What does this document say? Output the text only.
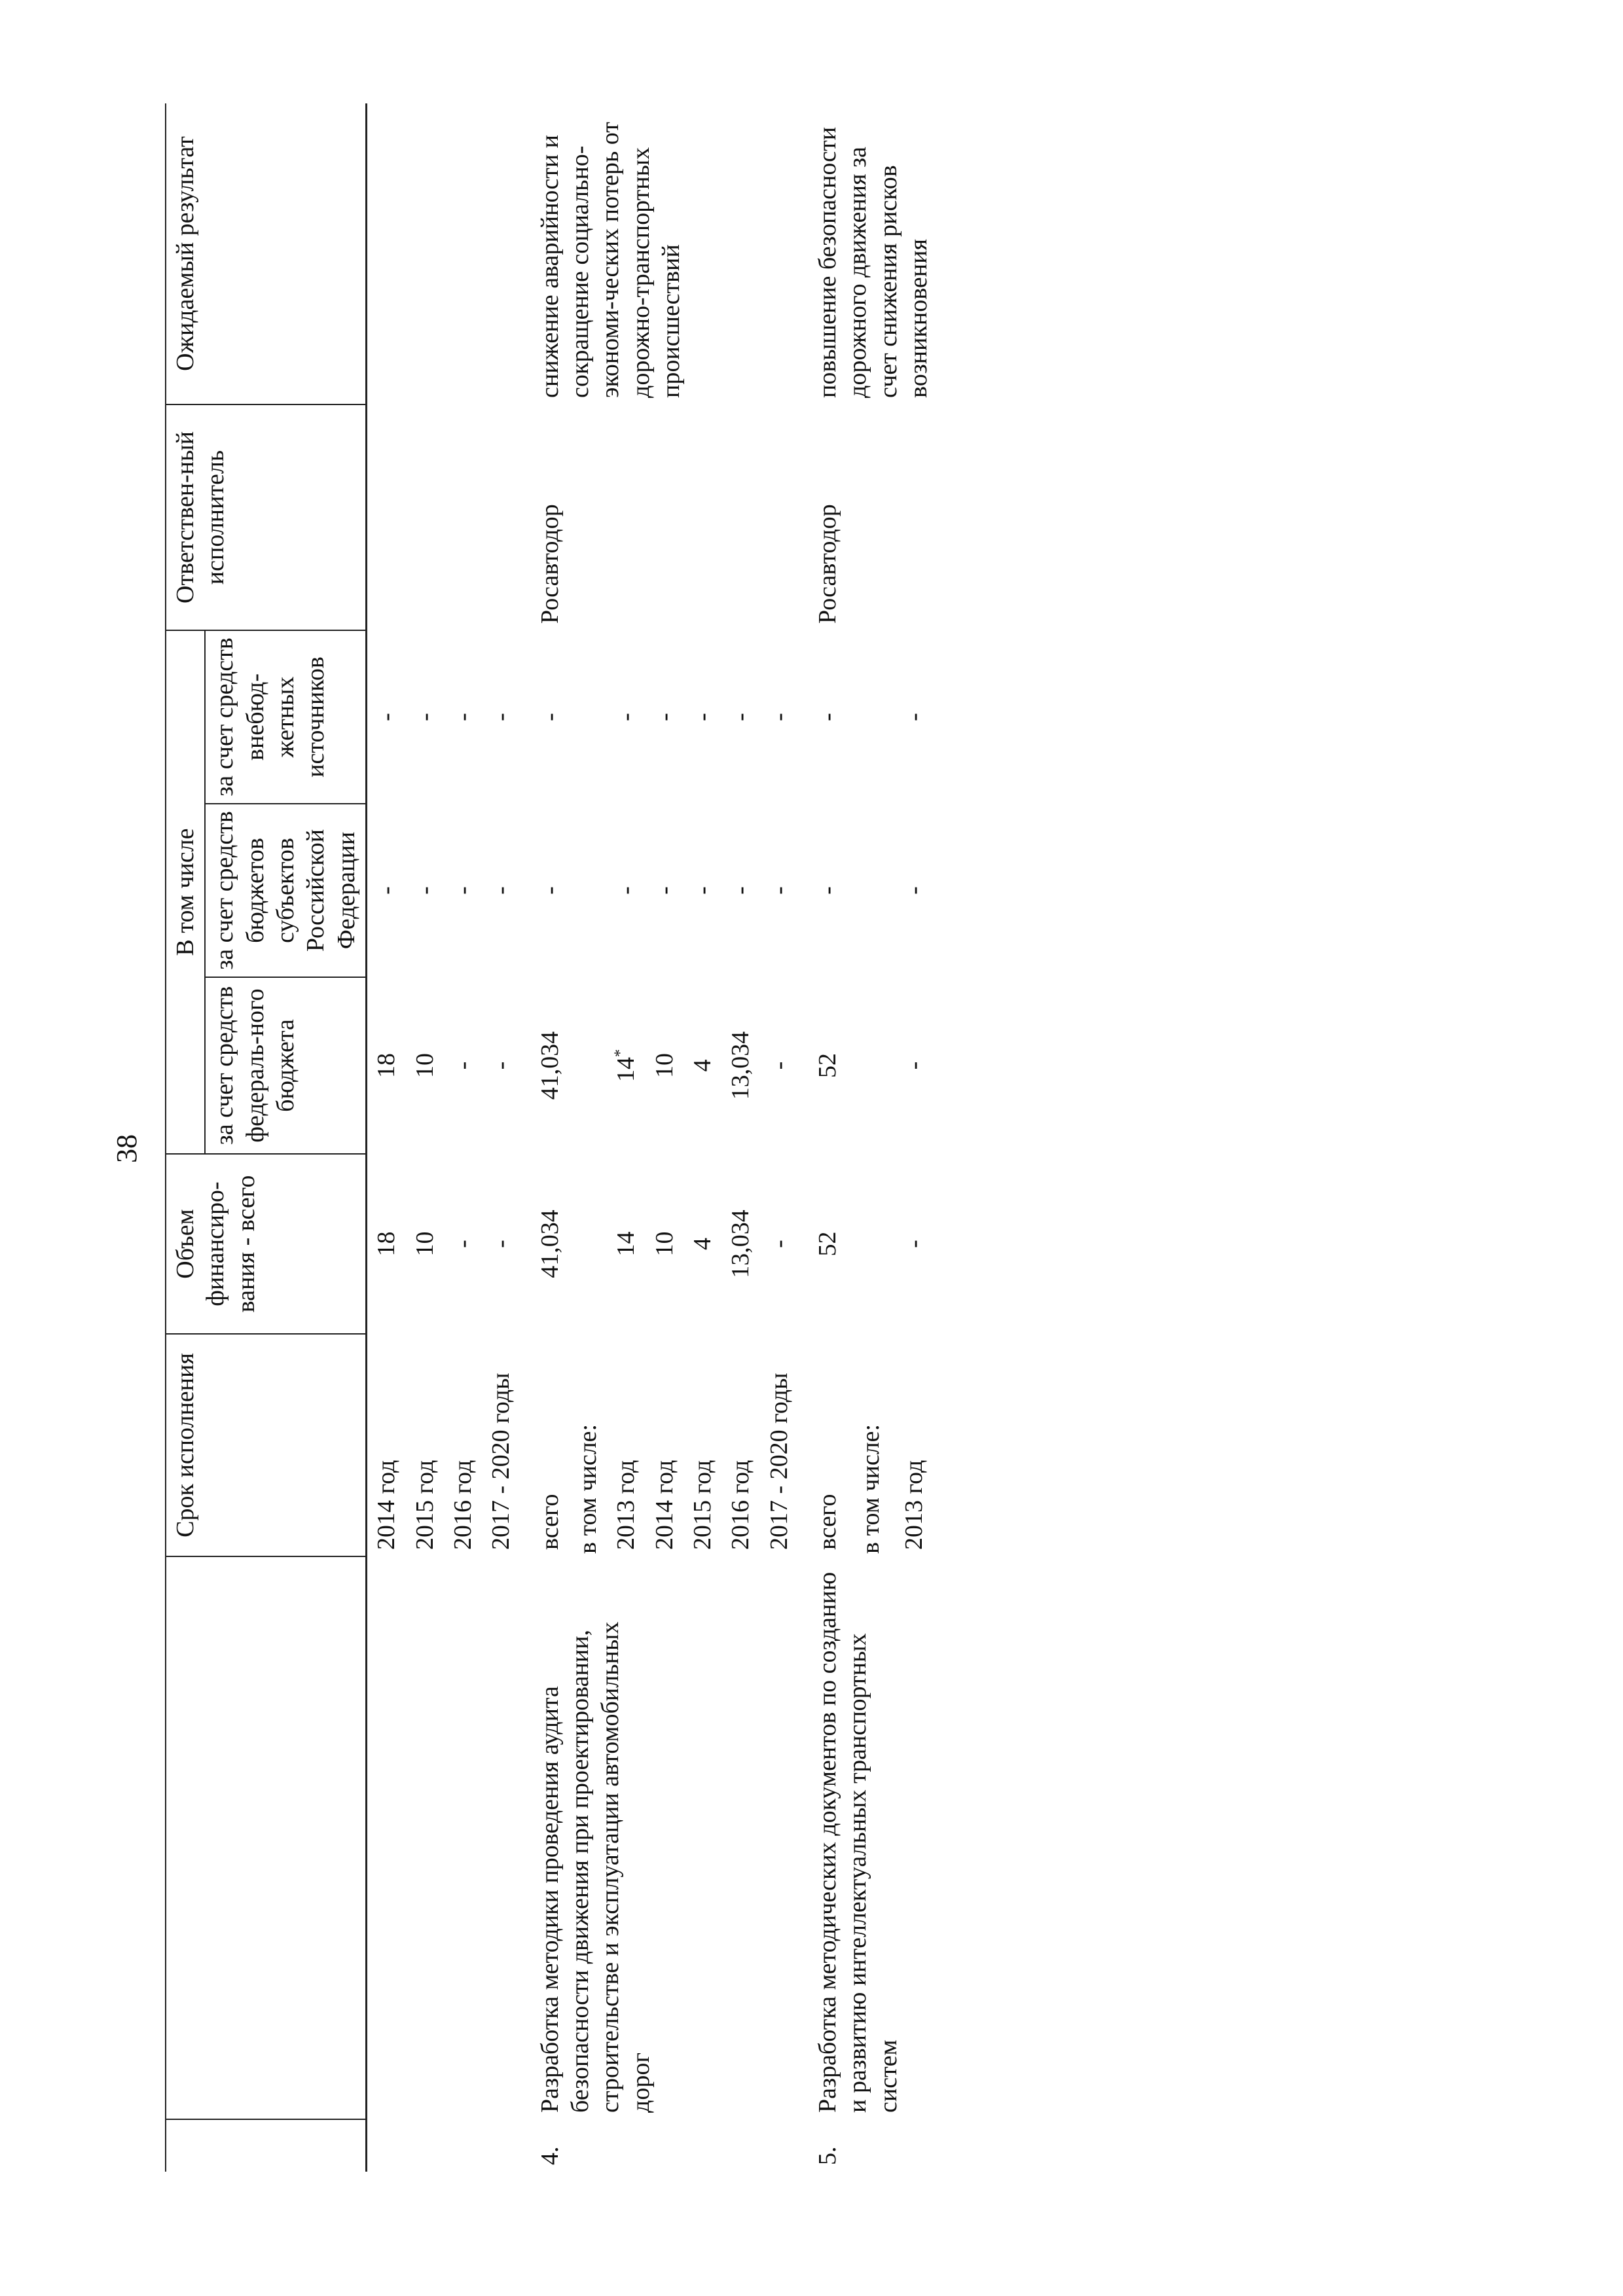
38
		Срок исполнения	Объем финансиро-вания - всего	В том числе			Ответствен-ный исполнитель	Ожидаемый результат
				за счет средств федераль-ного бюджета	за счет средств бюджетов субъектов Российской Федерации	за счет средств внебюд-жетных источников		
		2014 год	18	18	-	-		
		2015 год	10	10	-	-		
		2016 год	-	-	-	-		
		2017 - 2020 годы	-	-	-	-		

4.	Разработка методики проведения аудита безопасности движения при проектировании, строительстве и эксплуатации автомобильных дорог	всего	41,034	41,034	-	-	Росавтодор	снижение аварийности и сокращение социально-экономи-ческих потерь от дорожно-транспортных происшествий
		в том числе:						
		2013 год	14	14*	-	-		
		2014 год	10	10	-	-		
		2015 год	4	4	-	-		
		2016 год	13,034	13,034	-	-		
		2017 - 2020 годы	-	-	-	-		

5.	Разработка методических документов по созданию и развитию интеллектуальных транспортных систем	всего	52	52	-	-	Росавтодор	повышение безопасности дорожного движения за счет снижения рисков возникновения
		в том числе:						
		2013 год	-	-	-	-		
